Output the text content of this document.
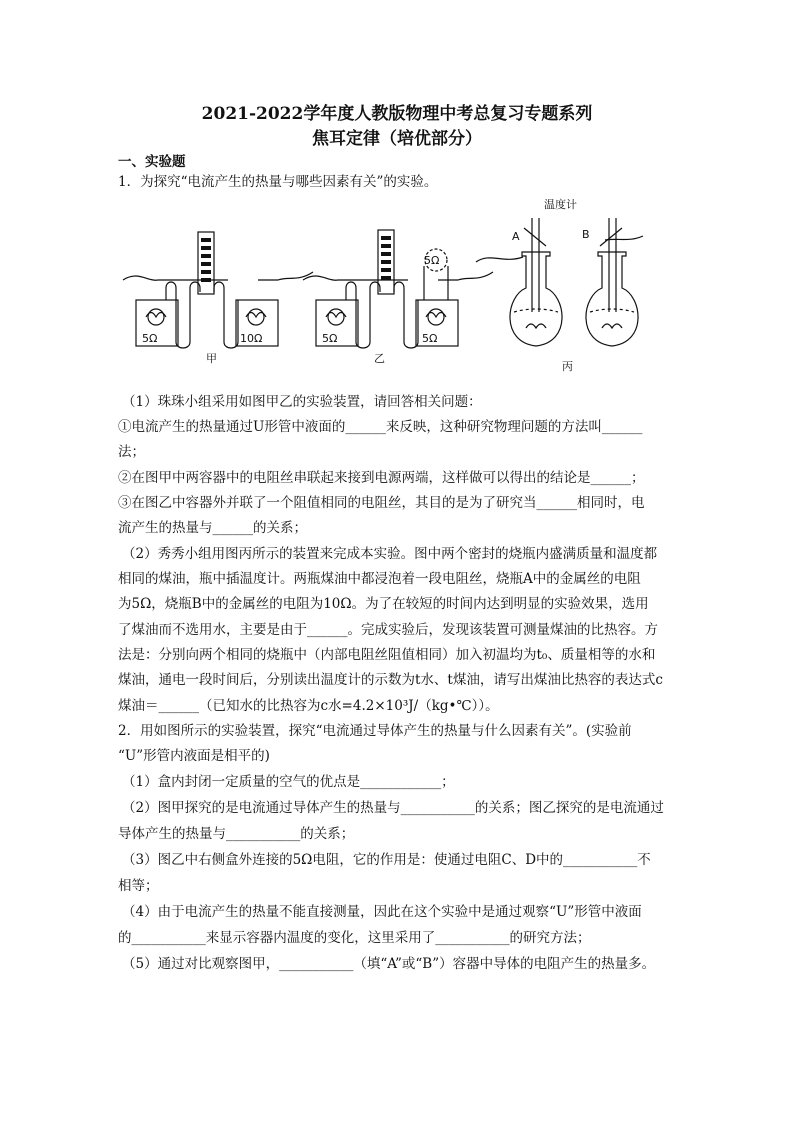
2021-2022学年度人教版物理中考总复习专题系列
焦耳定律（培优部分）
一、实验题
1．为探究“电流产生的热量与哪些因素有关”的实验。
5Ω	10Ω
5Ω
5Ω	5Ω
温度计
A	B
甲	乙
丙
（1）珠珠小组采用如图甲乙的实验装置，请回答相关问题：
①电流产生的热量通过U形管中液面的______来反映，这种研究物理问题的方法叫______
法；
②在图甲中两容器中的电阻丝串联起来接到电源两端，这样做可以得出的结论是______；
③在图乙中容器外并联了一个阻值相同的电阻丝，其目的是为了研究当______相同时，电
流产生的热量与______的关系；
（2）秀秀小组用图丙所示的装置来完成本实验。图中两个密封的烧瓶内盛满质量和温度都
相同的煤油，瓶中插温度计。两瓶煤油中都浸泡着一段电阻丝，烧瓶A中的金属丝的电阻
为5Ω，烧瓶B中的金属丝的电阻为10Ω。为了在较短的时间内达到明显的实验效果，选用
了煤油而不选用水，主要是由于______。完成实验后，发现该装置可测量煤油的比热容。方
法是：分别向两个相同的烧瓶中（内部电阻丝阻值相同）加入初温均为t₀、质量相等的水和
煤油，通电一段时间后，分别读出温度计的示数为t水、t煤油，请写出煤油比热容的表达式c
煤油＝______（已知水的比热容为c水=4.2×10³J/（kg•℃））。
2．用如图所示的实验装置，探究“电流通过导体产生的热量与什么因素有关”。(实验前
“U”形管内液面是相平的)
（1）盒内封闭一定质量的空气的优点是____________；
（2）图甲探究的是电流通过导体产生的热量与___________的关系；图乙探究的是电流通过
导体产生的热量与___________的关系；
（3）图乙中右侧盒外连接的5Ω电阻，它的作用是：使通过电阻C、D中的___________不
相等；
（4）由于电流产生的热量不能直接测量，因此在这个实验中是通过观察“U”形管中液面
的___________来显示容器内温度的变化，这里采用了___________的研究方法；
（5）通过对比观察图甲，___________（填“A”或“B”）容器中导体的电阻产生的热量多。
